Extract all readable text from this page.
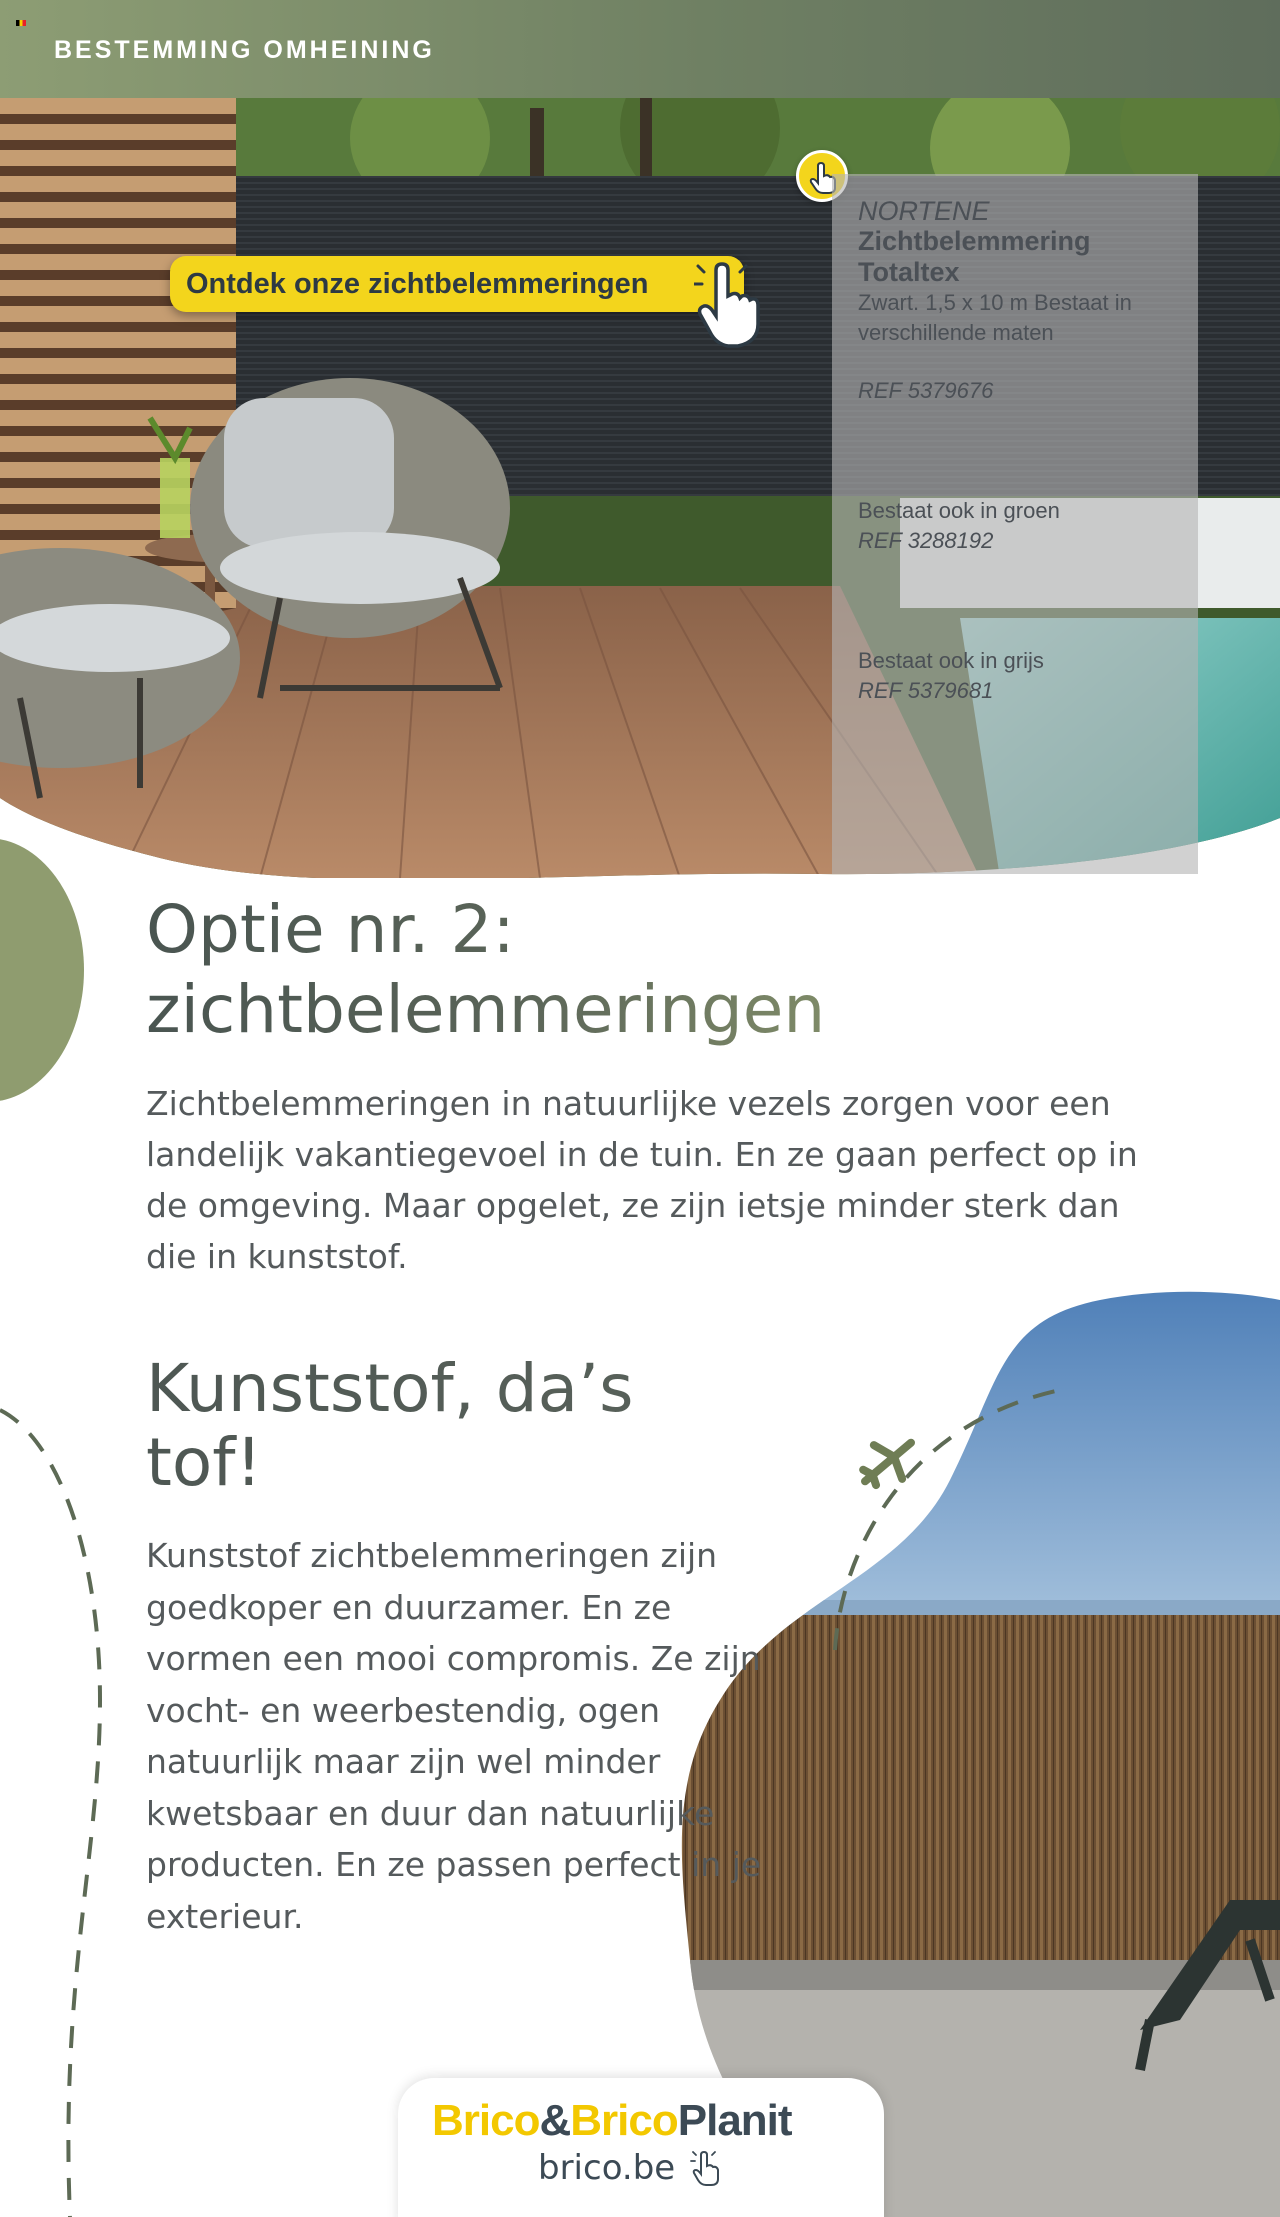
BESTEMMING OMHEINING
Ontdek onze zichtbelemmeringen
NORTENE
Zichtbelemmering Totaltex
Zwart. 1,5 x 10 m Bestaat in verschillende maten
REF 5379676
Bestaat ook in groen
REF 3288192
Bestaat ook in grijs
REF 5379681
Optie nr. 2: zichtbelemmeringen

Zichtbelemmeringen in natuurlijke vezels zorgen voor een landelijk vakantiegevoel in de tuin. En ze gaan perfect op in de omgeving. Maar opgelet, ze zijn ietsje minder sterk dan die in kunststof.

Kunststof, da’s tof!

Kunststof zichtbelemmeringen zijn goedkoper en duurzamer. En ze vormen een mooi compromis. Ze zijn vocht- en weerbestendig, ogen natuurlijk maar zijn wel minder kwetsbaar en duur dan natuurlijke producten. En ze passen perfect in je exterieur.

Brico&BricoPlanit
brico.be
